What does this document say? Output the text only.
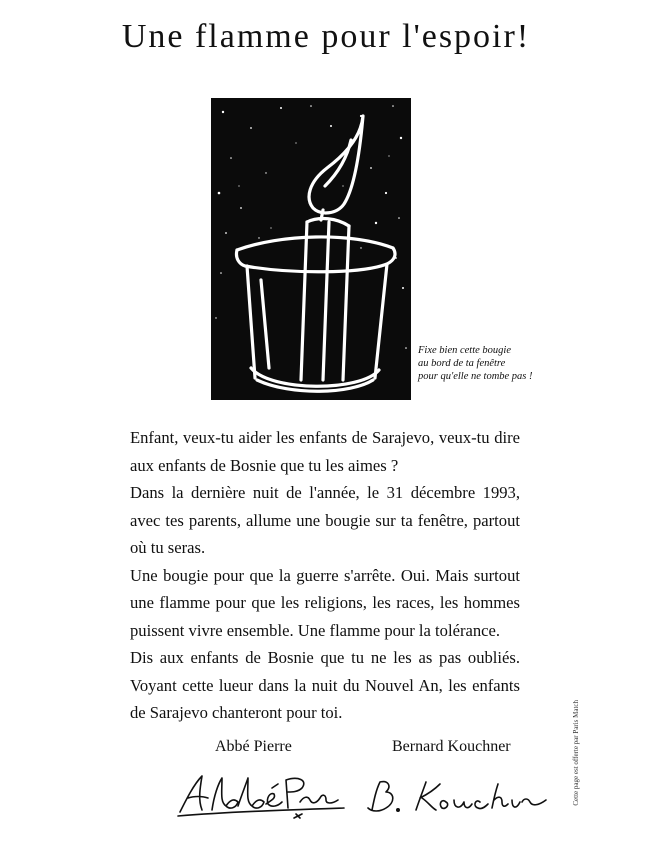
Une flamme pour l'espoir!
Fixe bien cette bougie
au bord de ta fenêtre
pour qu'elle ne tombe pas !

Enfant, veux-tu aider les enfants de Sarajevo, veux-tu dire aux enfants de Bosnie que tu les aimes ?

Dans la dernière nuit de l'année, le 31 décembre 1993, avec tes parents, allume une bougie sur ta fenêtre, partout où tu seras.

Une bougie pour que la guerre s'arrête. Oui. Mais surtout une flamme pour que les religions, les races, les hommes puissent vivre ensemble. Une flamme pour la tolérance.

Dis aux enfants de Bosnie que tu ne les as pas oubliés. Voyant cette lueur dans la nuit du Nouvel An, les enfants de Sarajevo chanteront pour toi.	Cette page est offerte par Paris Match
Abbé Pierre	Bernard Kouchner
